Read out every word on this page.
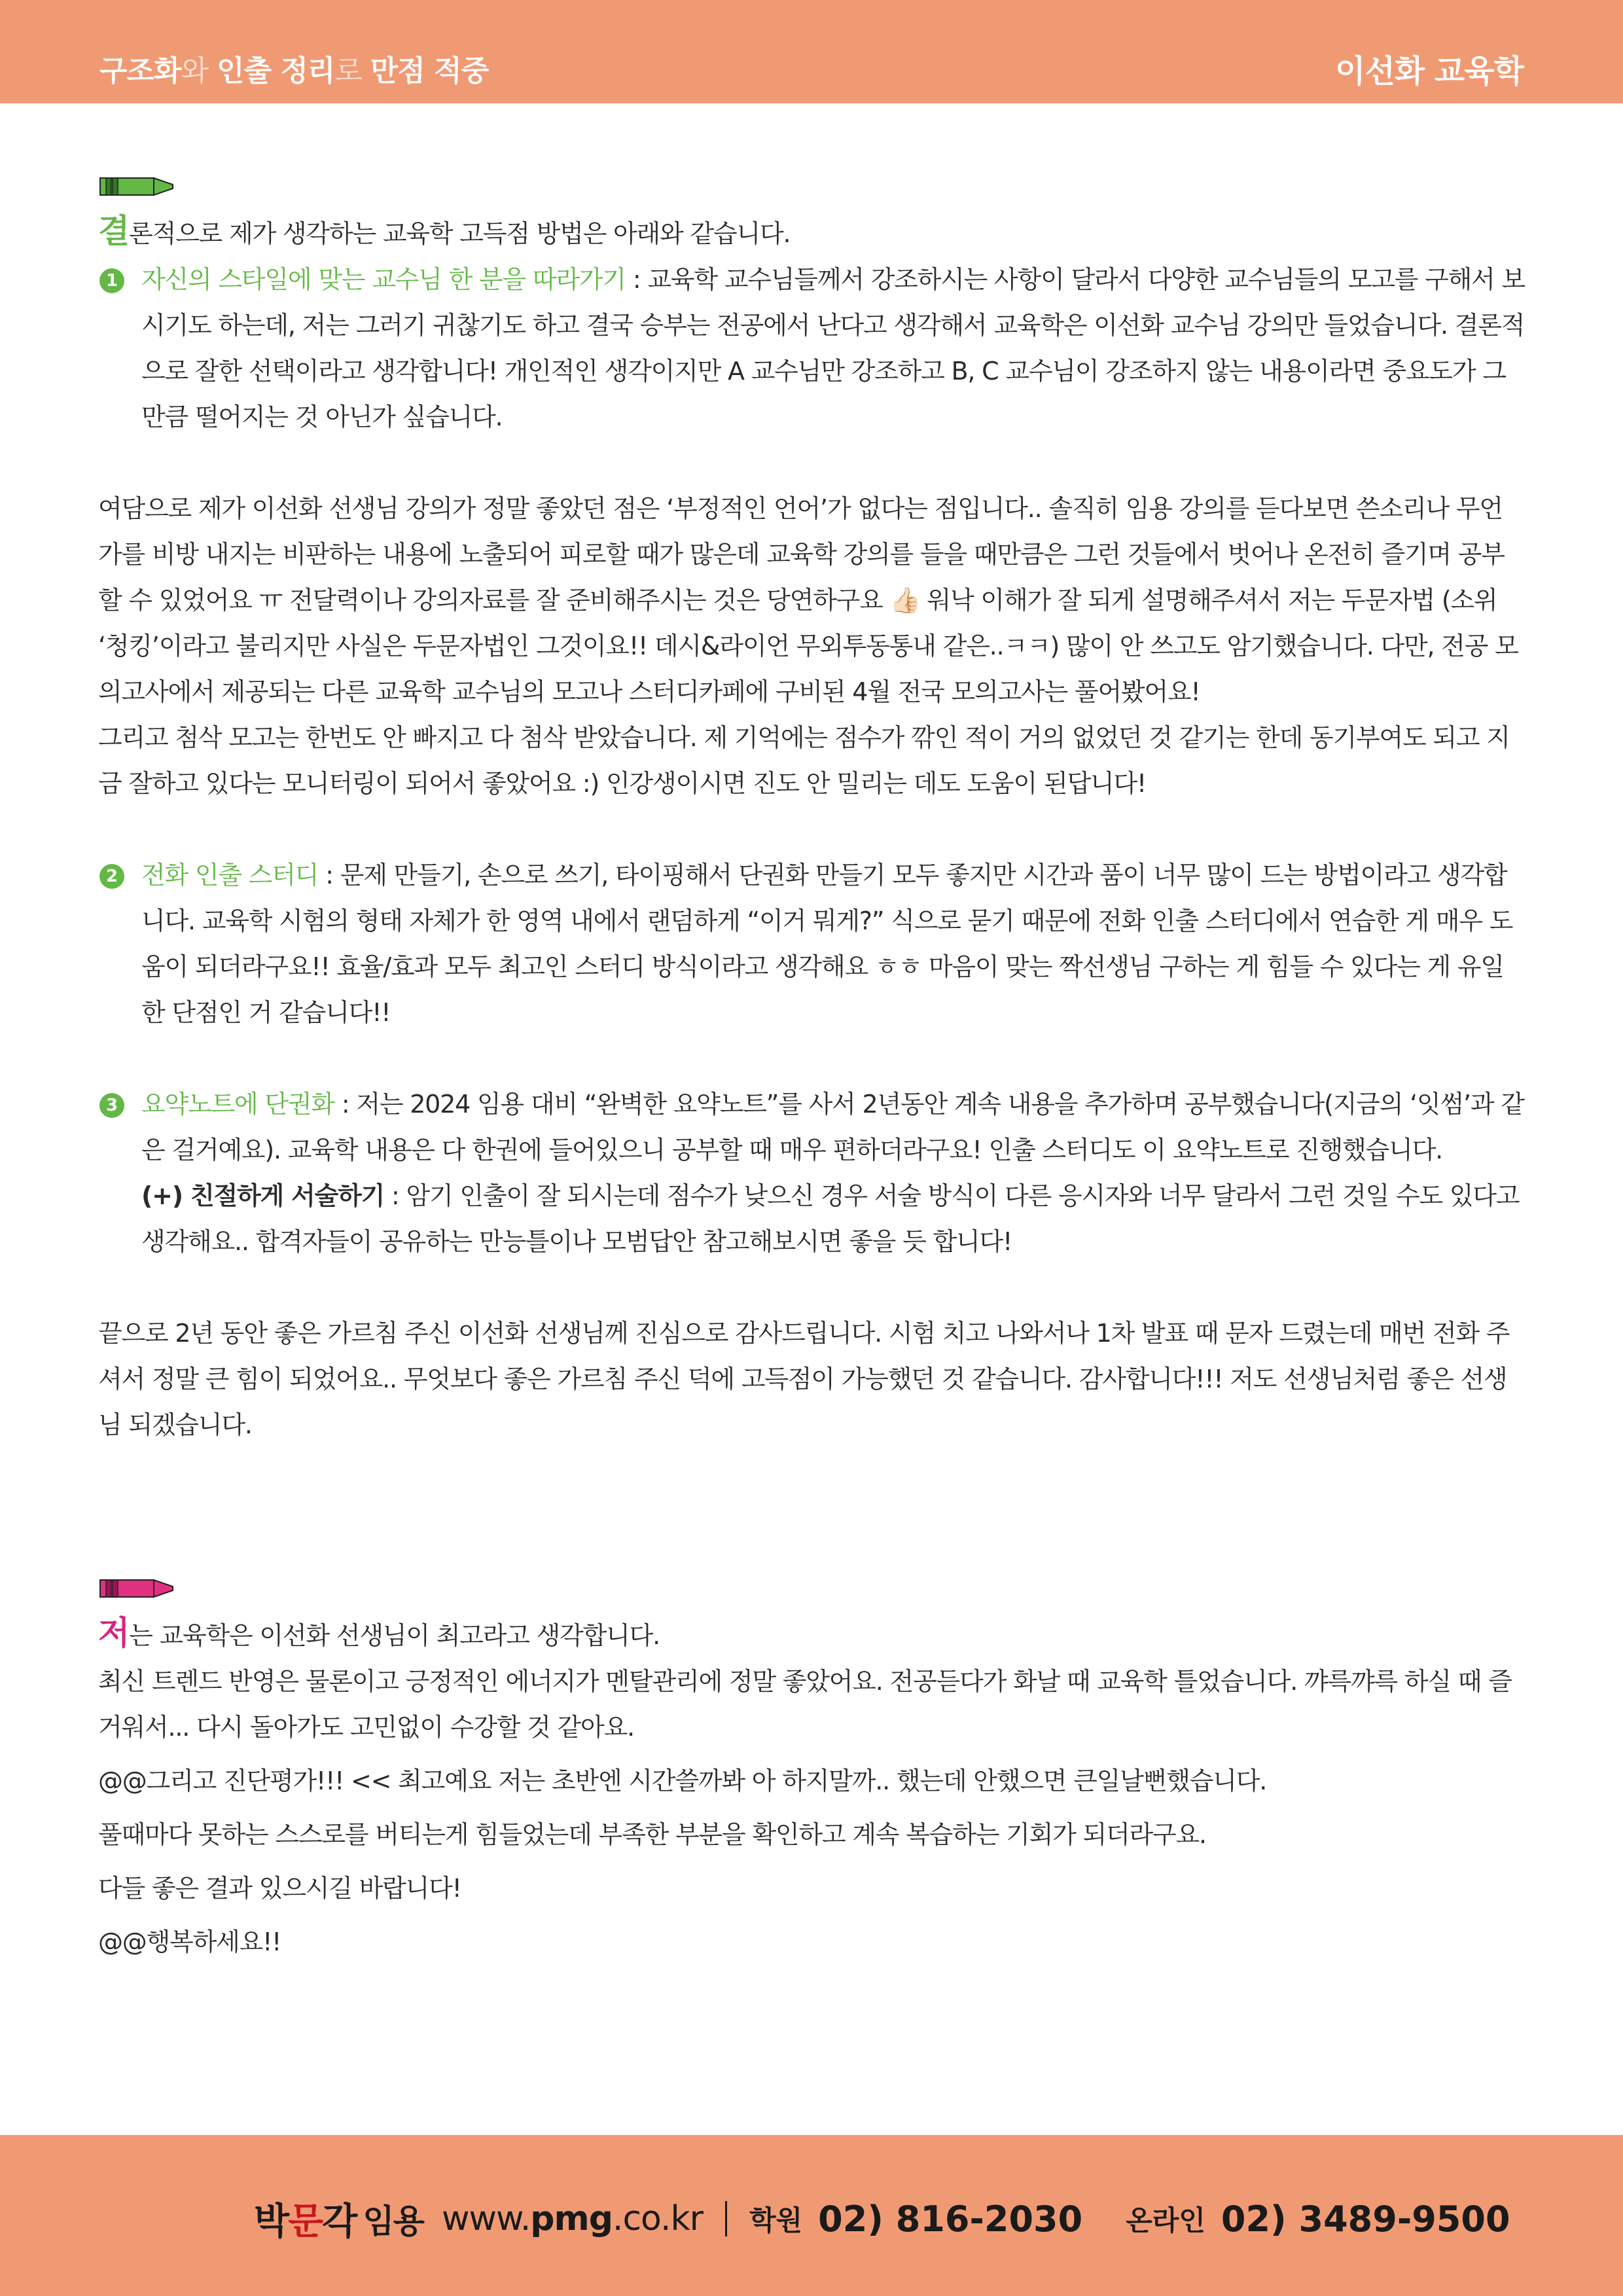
구조화와 인출 정리로 만점 적중	이선화 교육학

결론적으로 제가 생각하는 교육학 고득점 방법은 아래와 같습니다.

1 자신의 스타일에 맞는 교수님 한 분을 따라가기 : 교육학 교수님들께서 강조하시는 사항이 달라서 다양한 교수님들의 모고를 구해서 보시기도 하는데, 저는 그러기 귀찮기도 하고 결국 승부는 전공에서 난다고 생각해서 교육학은 이선화 교수님 강의만 들었습니다. 결론적으로 잘한 선택이라고 생각합니다! 개인적인 생각이지만 A 교수님만 강조하고 B, C 교수님이 강조하지 않는 내용이라면 중요도가 그만큼 떨어지는 것 아닌가 싶습니다.

여담으로 제가 이선화 선생님 강의가 정말 좋았던 점은 ‘부정적인 언어’가 없다는 점입니다.. 솔직히 임용 강의를 듣다보면 쓴소리나 무언가를 비방 내지는 비판하는 내용에 노출되어 피로할 때가 많은데 교육학 강의를 들을 때만큼은 그런 것들에서 벗어나 온전히 즐기며 공부할 수 있었어요 ㅠ 전달력이나 강의자료를 잘 준비해주시는 것은 당연하구요 👍🏻 워낙 이해가 잘 되게 설명해주셔서 저는 두문자법 (소위 ‘청킹’이라고 불리지만 사실은 두문자법인 그것이요!! 데시&라이언 무외투동통내 같은..ㅋㅋ) 많이 안 쓰고도 암기했습니다. 다만, 전공 모의고사에서 제공되는 다른 교육학 교수님의 모고나 스터디카페에 구비된 4월 전국 모의고사는 풀어봤어요!

그리고 첨삭 모고는 한번도 안 빠지고 다 첨삭 받았습니다. 제 기억에는 점수가 깎인 적이 거의 없었던 것 같기는 한데 동기부여도 되고 지금 잘하고 있다는 모니터링이 되어서 좋았어요 :) 인강생이시면 진도 안 밀리는 데도 도움이 된답니다!

2 전화 인출 스터디 : 문제 만들기, 손으로 쓰기, 타이핑해서 단권화 만들기 모두 좋지만 시간과 품이 너무 많이 드는 방법이라고 생각합니다. 교육학 시험의 형태 자체가 한 영역 내에서 랜덤하게 “이거 뭐게?” 식으로 묻기 때문에 전화 인출 스터디에서 연습한 게 매우 도움이 되더라구요!! 효율/효과 모두 최고인 스터디 방식이라고 생각해요 ㅎㅎ 마음이 맞는 짝선생님 구하는 게 힘들 수 있다는 게 유일한 단점인 거 같습니다!!
3 요약노트에 단권화 : 저는 2024 임용 대비 “완벽한 요약노트”를 사서 2년동안 계속 내용을 추가하며 공부했습니다(지금의 ‘잇썸’과 같은 걸거예요). 교육학 내용은 다 한권에 들어있으니 공부할 때 매우 편하더라구요! 인출 스터디도 이 요약노트로 진행했습니다.
(+) 친절하게 서술하기 : 암기 인출이 잘 되시는데 점수가 낮으신 경우 서술 방식이 다른 응시자와 너무 달라서 그런 것일 수도 있다고 생각해요.. 합격자들이 공유하는 만능틀이나 모범답안 참고해보시면 좋을 듯 합니다!

끝으로 2년 동안 좋은 가르침 주신 이선화 선생님께 진심으로 감사드립니다. 시험 치고 나와서나 1차 발표 때 문자 드렸는데 매번 전화 주셔서 정말 큰 힘이 되었어요.. 무엇보다 좋은 가르침 주신 덕에 고득점이 가능했던 것 같습니다. 감사합니다!!! 저도 선생님처럼 좋은 선생님 되겠습니다.

저는 교육학은 이선화 선생님이 최고라고 생각합니다.

최신 트렌드 반영은 물론이고 긍정적인 에너지가 멘탈관리에 정말 좋았어요. 전공듣다가 화날 때 교육학 틀었습니다. 꺄륵꺄륵 하실 때 즐거워서... 다시 돌아가도 고민없이 수강할 것 같아요.

@@그리고 진단평가!!! << 최고예요 저는 초반엔 시간쓸까봐 아 하지말까.. 했는데 안했으면 큰일날뻔했습니다.

풀때마다 못하는 스스로를 버티는게 힘들었는데 부족한 부분을 확인하고 계속 복습하는 기회가 되더라구요.

다들 좋은 결과 있으시길 바랍니다!

@@행복하세요!!

박문각 임용 www.pmg.co.kr 학원 02) 816-2030 온라인 02) 3489-9500
